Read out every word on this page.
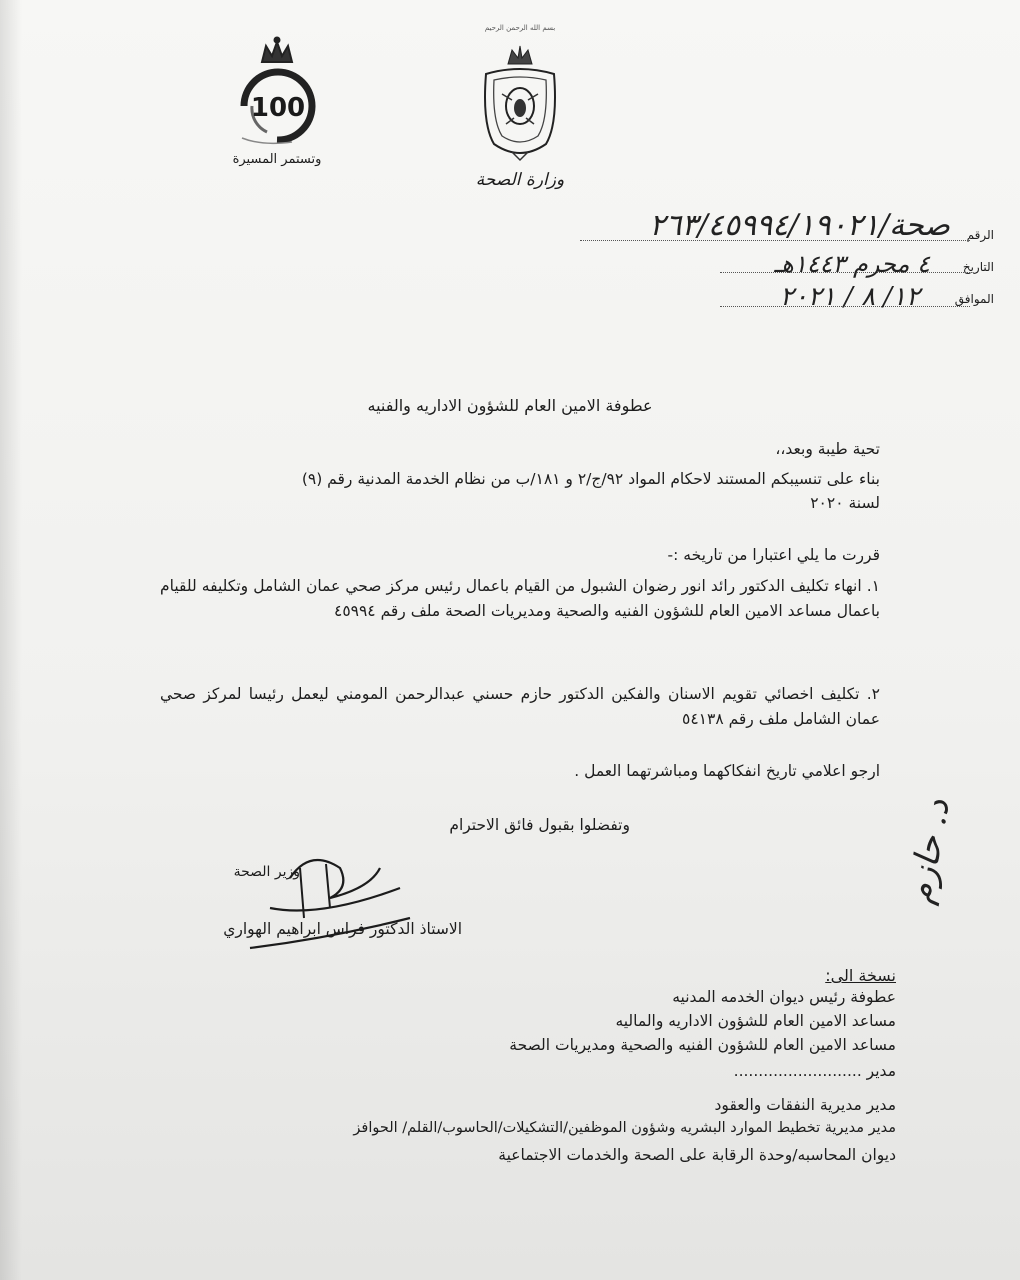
100
وتستمر المسيرة
بسم الله الرحمن الرحيم
وزارة الصحة
الرقم
صحة/٢٦٣/٤٥٩٩٤/١٩٠٢١
التاريخ
٤ محرم ١٤٤٣هـ
الموافق
١٢/ ٨ / ٢٠٢١
عطوفة الامين العام للشؤون الاداريه والفنيه
تحية طيبة وبعد،،
بناء على تنسيبكم المستند لاحكام المواد ٩٢/ج/٢ و ١٨١/ب من نظام الخدمة المدنية رقم (٩)
لسنة ٢٠٢٠
قررت ما يلي اعتبارا من تاريخه :-
١. انهاء تكليف الدكتور رائد انور رضوان الشبول من القيام باعمال رئيس مركز صحي عمان الشامل وتكليفه للقيام باعمال مساعد الامين العام للشؤون الفنيه والصحية ومديريات الصحة ملف رقم ٤٥٩٩٤
٢. تكليف اخصائي تقويم الاسنان والفكين الدكتور حازم حسني عبدالرحمن المومني ليعمل رئيسا لمركز صحي عمان الشامل ملف رقم ٥٤١٣٨
ارجو اعلامي تاريخ انفكاكهما ومباشرتهما العمل .
وتفضلوا بقبول فائق الاحترام
وزير الصحة
الاستاذ الدكتور فراس ابراهيم الهواري
د. حازم
نسخة الى:
عطوفة رئيس ديوان الخدمه المدنيه
مساعد الامين العام للشؤون الاداريه والماليه
مساعد الامين العام للشؤون الفنيه والصحية ومديريات الصحة
مدير ..........................
مدير مديرية النفقات والعقود
مدير مديرية تخطيط الموارد البشريه وشؤون الموظفين/التشكيلات/الحاسوب/القلم/ الحوافز
ديوان المحاسبه/وحدة الرقابة على الصحة والخدمات الاجتماعية
